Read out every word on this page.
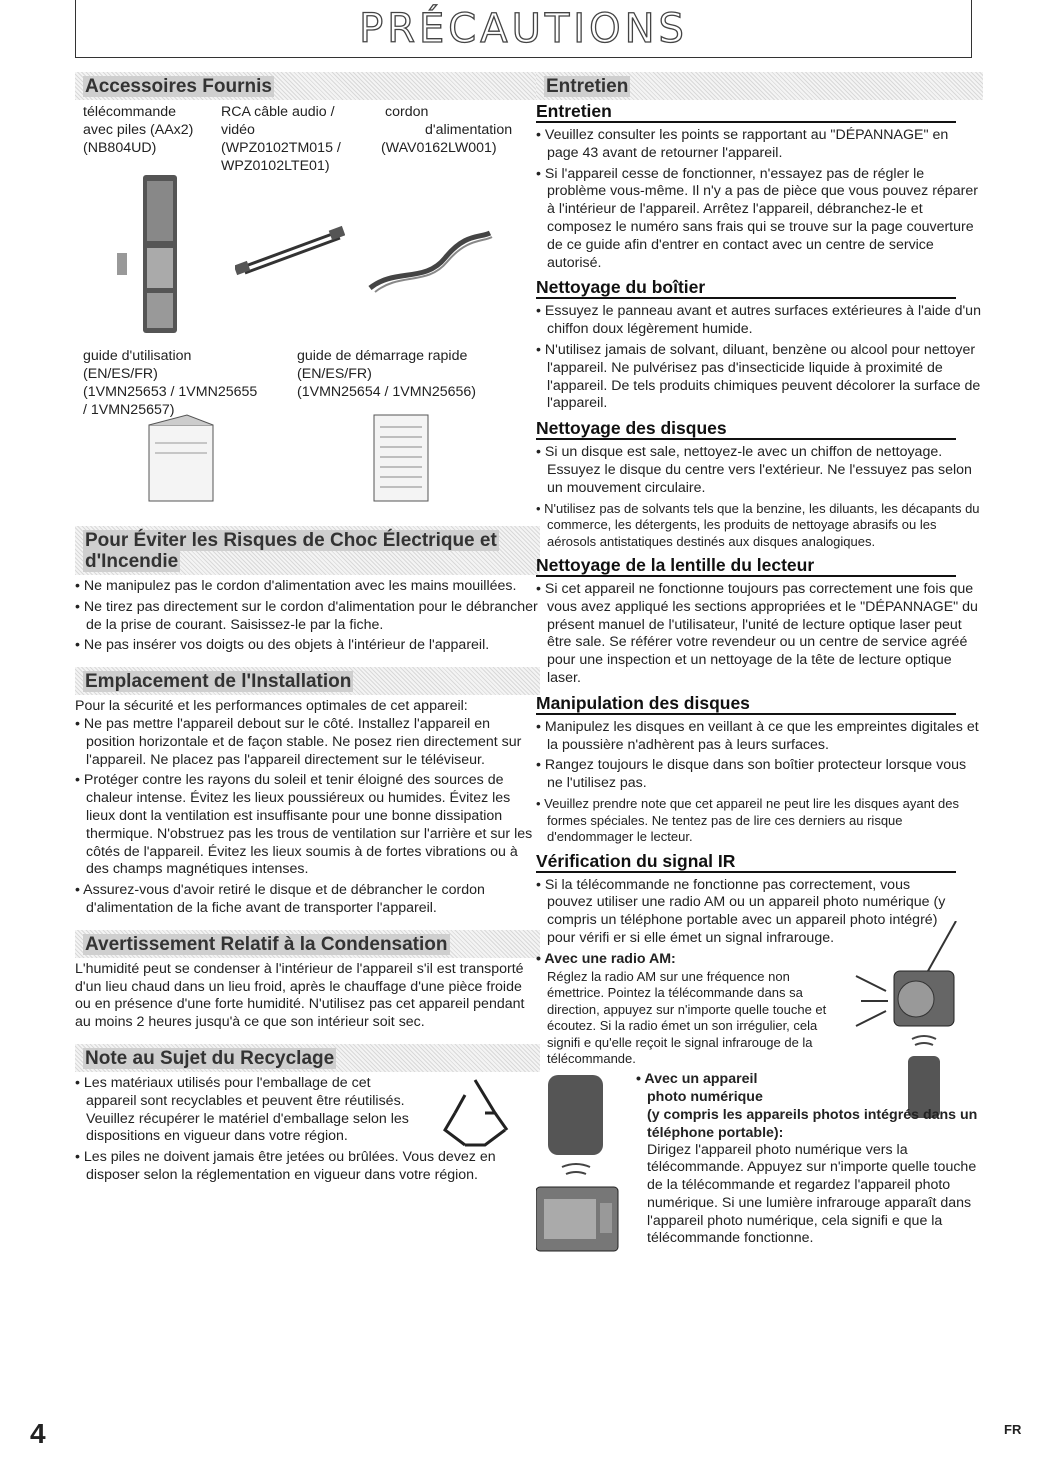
PRÉCAUTIONS
Accessoires Fournis
télécommande
avec piles (AAx2)
(NB804UD)
RCA câble audio /
vidéo
(WPZ0102TM015 /
WPZ0102LTE01)
cordon
d'alimentation
(WAV0162LW001)
guide d'utilisation
(EN/ES/FR)
(1VMN25653 / 1VMN25655
/ 1VMN25657)
guide de démarrage rapide
(EN/ES/FR)
(1VMN25654 / 1VMN25656)
Pour Éviter les Risques de Choc Électrique et
d'Incendie
• Ne manipulez pas le cordon d'alimentation avec les mains mouillées.
• Ne tirez pas directement sur le cordon d'alimentation pour le débrancher de la prise de courant. Saisissez-le par la fiche.
• Ne pas insérer vos doigts ou des objets à l'intérieur de l'appareil.
Emplacement de l'Installation

Pour la sécurité et les performances optimales de cet appareil:

• Ne pas mettre l'appareil debout sur le côté. Installez l'appareil en position horizontale et de façon stable. Ne posez rien directement sur l'appareil. Ne placez pas l'appareil directement sur le téléviseur.
• Protéger contre les rayons du soleil et tenir éloigné des sources de chaleur intense. Évitez les lieux poussiéreux ou humides. Évitez les lieux dont la ventilation est insuffisante pour une bonne dissipation thermique. N'obstruez pas les trous de ventilation sur l'arrière et sur les côtés de l'appareil. Évitez les lieux soumis à de fortes vibrations ou à des champs magnétiques intenses.
• Assurez-vous d'avoir retiré le disque et de débrancher le cordon d'alimentation de la fiche avant de transporter l'appareil.
Avertissement Relatif à la Condensation

L'humidité peut se condenser à l'intérieur de l'appareil s'il est transporté d'un lieu chaud dans un lieu froid, après le chauffage d'une pièce froide ou en présence d'une forte humidité. N'utilisez pas cet appareil pendant au moins 2 heures jusqu'à ce que son intérieur soit sec.

Note au Sujet du Recyclage
• Les matériaux utilisés pour l'emballage de cet appareil sont recyclables et peuvent être réutilisés. Veuillez récupérer le matériel d'emballage selon les dispositions en vigueur dans votre région.
• Les piles ne doivent jamais être jetées ou brûlées. Vous devez en disposer selon la réglementation en vigueur dans votre région.
Entretien
Entretien
• Veuillez consulter les points se rapportant au "DÉPANNAGE" en page 43 avant de retourner l'appareil.
• Si l'appareil cesse de fonctionner, n'essayez pas de régler le problème vous-même. Il n'y a pas de pièce que vous pouvez réparer à l'intérieur de l'appareil. Arrêtez l'appareil, débranchez-le et composez le numéro sans frais qui se trouve sur la page couverture de ce guide afin d'entrer en contact avec un centre de service autorisé.
Nettoyage du boîtier
• Essuyez le panneau avant et autres surfaces extérieures à l'aide d'un chiffon doux légèrement humide.
• N'utilisez jamais de solvant, diluant, benzène ou alcool pour nettoyer l'appareil. Ne pulvérisez pas d'insecticide liquide à proximité de l'appareil. De tels produits chimiques peuvent décolorer la surface de l'appareil.
Nettoyage des disques
• Si un disque est sale, nettoyez-le avec un chiffon de nettoyage. Essuyez le disque du centre vers l'extérieur. Ne l'essuyez pas selon un mouvement circulaire.
• N'utilisez pas de solvants tels que la benzine, les diluants, les décapants du commerce, les détergents, les produits de nettoyage abrasifs ou les aérosols antistatiques destinés aux disques analogiques.
Nettoyage de la lentille du lecteur
• Si cet appareil ne fonctionne toujours pas correctement une fois que vous avez appliqué les sections appropriées et le "DÉPANNAGE" du présent manuel de l'utilisateur, l'unité de lecture optique laser peut être sale. Se référer votre revendeur ou un centre de service agréé pour une inspection et un nettoyage de la tête de lecture optique laser.
Manipulation des disques
• Manipulez les disques en veillant à ce que les empreintes digitales et la poussière n'adhèrent pas à leurs surfaces.
• Rangez toujours le disque dans son boîtier protecteur lorsque vous ne l'utilisez pas.
• Veuillez prendre note que cet appareil ne peut lire les disques ayant des formes spéciales. Ne tentez pas de lire ces derniers au risque d'endommager le lecteur.
Vérification du signal IR
• Si la télécommande ne fonctionne pas correctement, vous pouvez utiliser une radio AM ou un appareil photo numérique (y compris un téléphone portable avec un appareil photo intégré) pour vérifi er si elle émet un signal infrarouge.
• Avec une radio AM:

Réglez la radio AM sur une fréquence non émettrice. Pointez la télécommande dans sa direction, appuyez sur n'importe quelle touche et écoutez. Si la radio émet un son irrégulier, cela signifi e qu'elle reçoit le signal infrarouge de la télécommande.

• Avec un appareil
photo numérique
(y compris les appareils photos intégrés dans un téléphone portable):

Dirigez l'appareil photo numérique vers la télécommande. Appuyez sur n'importe quelle touche de la télécommande et regardez l'appareil photo numérique. Si une lumière infrarouge apparaît dans l'appareil photo numérique, cela signifi e que la télécommande fonctionne.

4	FR
